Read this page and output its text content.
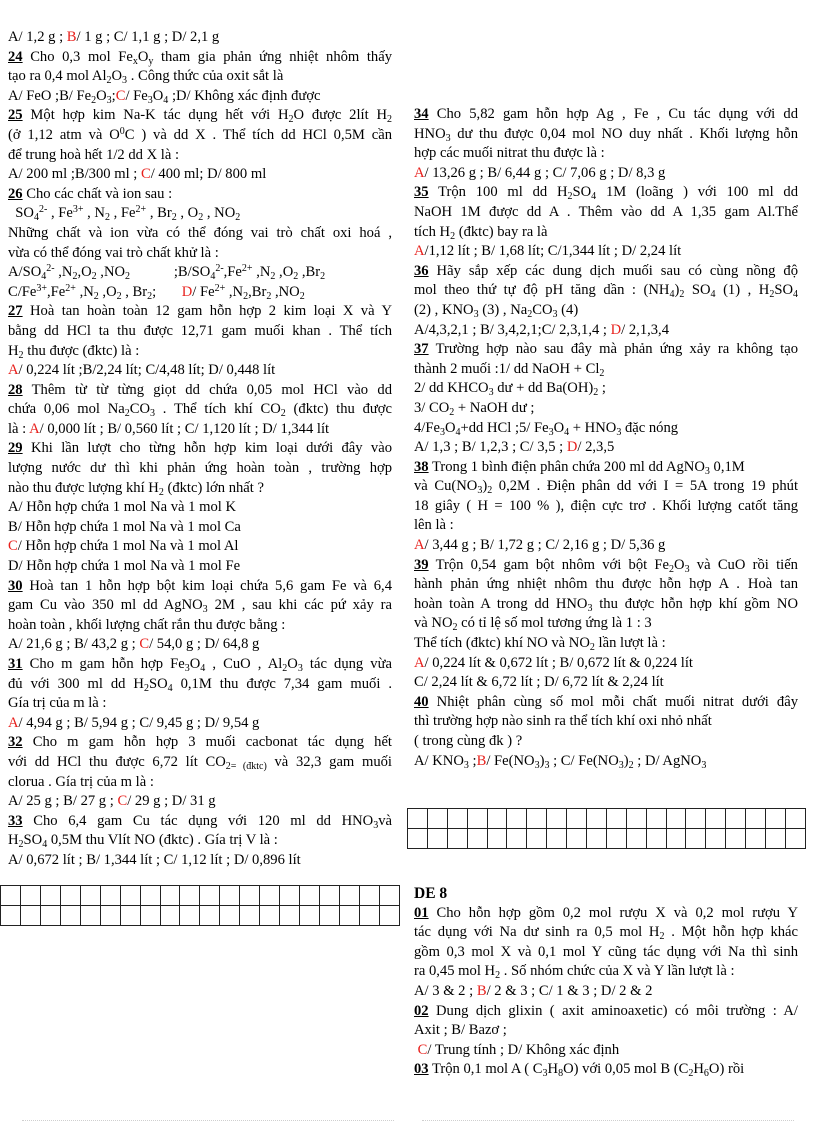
A/ 1,2 g ; B/ 1 g ; C/ 1,1 g ; D/ 2,1 g
24 Cho 0,3 mol $Fe_xO_y$ tham gia phản ứng nhiệt nhôm thấy
tạo ra 0,4 mol $Al_2O_3$ . Công thức của oxit sắt là
A/ FeO ;B/ $Fe_2O_3;C/$ $Fe_3O_4$ ;D/ Không xác định được
25 Một hợp kim Na-K tác dụng hết với $H_2O$ được 2lít $H_2$
(ở 1,12 atm và $O^0C$ ) và dd X . Thể tích dd HCl 0,5M cần
để trung hoà hết 1/2 dd X là :
A/ 200 ml ;B/300 ml ; C/ 400 ml; D/ 800 ml
26 Cho các chất và ion sau :
$SO_4^{2-}$ , $Fe^{3+}$ , $N_2$ , $Fe^{2+}$ , $Br_2$ , $O_2$ , $NO_2$
Những chất và ion vừa có thể đóng vai trò chất oxi hoá ,
vừa có thể đóng vai trò chất khử là :
$A/SO_4^{2-}$ $,N_2,O_2$ $,NO_2$            $;B/SO_4^{2-},Fe^{2+}$ $,N_2$ $,O_2$ $,Br_2$
$C/Fe^{3+},Fe^{2+}$ $,N_2$ $,O_2$ , $Br_2$;       D/ $Fe^{2+}$ $,N_2,Br_2$ $,NO_2$
27 Hoà tan hoàn toàn 12 gam hỗn hợp 2 kim loại X và Y
bằng dd HCl ta thu được 12,71 gam muối khan . Thể tích
$H_2$ thu được (đktc) là :
A/ 0,224 lít ;B/2,24 lít; C/4,48 lít; D/ 0,448 lít
28 Thêm từ từ từng giọt dd chứa 0,05 mol HCl vào dd
chứa 0,06 mol $Na_2CO_3$ . Thể tích khí $CO_2$ (đktc) thu được
là : A/ 0,000 lít ; B/ 0,560 lít ; C/ 1,120 lít ; D/ 1,344 lít
29 Khi lần lượt cho từng hỗn hợp kim loại dưới đây vào
lượng nước dư thì khi phản ứng hoàn toàn , trường hợp
nào thu được lượng khí $H_2$ (đktc) lớn nhất ?
A/ Hỗn hợp chứa 1 mol Na và 1 mol K
B/ Hỗn hợp chứa 1 mol Na và 1 mol Ca
C/ Hỗn hợp chứa 1 mol Na và 1 mol Al
D/ Hỗn hợp chứa 1 mol Na và 1 mol Fe
30 Hoà tan 1 hỗn hợp bột kim loại chứa 5,6 gam Fe và 6,4
gam Cu vào 350 ml dd AgNO$_3$ 2M , sau khi các pứ xảy ra
hoàn toàn , khối lượng chất rắn thu được bằng :
A/ 21,6 g ; B/ 43,2 g ; C/ 54,0 g ; D/ 64,8 g
31 Cho m gam hỗn hợp $Fe_3O_4$ , CuO , $Al_2O_3$ tác dụng vừa
đủ với 300 ml dd $H_2SO_4$ 0,1M thu được 7,34 gam muối .
Gía trị của m là :
A/ 4,94 g ; B/ 5,94 g ; C/ 9,45 g ; D/ 9,54 g
32 Cho m gam hỗn hợp 3 muối cacbonat tác dụng hết
với dd HCl thu được 6,72 lít $CO_{2= (đktc)}$ và 32,3 gam muối
clorua . Gía trị của m là :
A/ 25 g ; B/ 27 g ; C/ 29 g ; D/ 31 g
33 Cho 6,4 gam Cu tác dụng với 120 ml dd $HNO_3và$
$H_2SO_4$ 0,5M thu Vlít NO (đktc) . Gía trị V là :
A/ 0,672 lít ; B/ 1,344 lít ; C/ 1,12 lít ; D/ 0,896 lít

34 Cho 5,82 gam hỗn hợp Ag , Fe , Cu tác dụng với dd
$HNO_3$ dư thu được 0,04 mol NO duy nhất . Khối lượng hỗn
hợp các muối nitrat thu được là :
A/ 13,26 g ; B/ 6,44 g ; C/ 7,06 g ; D/ 8,3 g
35 Trộn 100 ml dd $H_2SO_4$ 1M (loãng ) với 100 ml dd
NaOH 1M được dd A . Thêm vào dd A 1,35 gam Al.Thể
tích $H_2$ (đktc) bay ra là
A/1,12 lít ; B/ 1,68 lít; C/1,344 lít ; D/ 2,24 lít
36 Hãy sắp xếp các dung dịch muối sau có cùng nồng độ
mol theo thứ tự độ pH tăng dần : $(NH_4)_2$ $SO_4$ (1) , $H_2SO_4$
(2) , $KNO_3$ (3) , $Na_2CO_3$ (4)
A/4,3,2,1 ; B/ 3,4,2,1;C/ 2,3,1,4 ; D/ 2,1,3,4
37 Trường hợp nào sau đây mà phản ứng xảy ra không tạo
thành 2 muối :1/ dd NaOH + $Cl_2$
2/ dd $KHCO_3$ dư + dd $Ba(OH)_2$ ;
3/ $CO_2$ + NaOH dư ;
$4/Fe_3O_4+dd$ HCl ;5/ $Fe_3O_4 + HNO_3$ đặc nóng
A/ 1,3 ; B/ 1,2,3 ; C/ 3,5 ; D/ 2,3,5
38 Trong 1 bình điện phân chứa 200 ml dd AgNO$_3$ 0,1M
và $Cu(NO_3)_2$ 0,2M . Điện phân dd với I = 5A trong 19 phút
18 giây ( H = 100 % ), điện cực trơ . Khối lượng catốt tăng
lên là :
A/ 3,44 g ; B/ 1,72 g ; C/ 2,16 g ; D/ 5,36 g
39 Trộn 0,54 gam bột nhôm với bột $Fe_2O_3$ và CuO rồi tiến
hành phản ứng nhiệt nhôm thu được hỗn hợp A . Hoà tan
hoàn toàn A trong dd $HNO_3$ thu được hỗn hợp khí gồm NO
và $NO_2$ có tỉ lệ số mol tương ứng là 1 : 3
Thể tích (đktc) khí NO và $NO_2$ lần lượt là :
A/ 0,224 lít & 0,672 lít ; B/ 0,672 lít & 0,224 lít
C/ 2,24 lít & 6,72 lít ; D/ 6,72 lít & 2,24 lít
40 Nhiệt phân cùng số mol mỗi chất muối nitrat dưới đây
thì trường hợp nào sinh ra thể tích khí oxi nhỏ nhất
( trong cùng đk ) ?
A/ $KNO_3$ ;B/ $Fe(NO_3)_3$ ; C/ $Fe(NO_3)_2$ ; D/ AgNO$_3$

DE 8
01 Cho hỗn hợp gồm 0,2 mol rượu X và 0,2 mol rượu Y
tác dụng với Na dư sinh ra 0,5 mol $H_2$ . Một hỗn hợp khác
gồm 0,3 mol X và 0,1 mol Y cũng tác dụng với Na thì sinh
ra 0,45 mol $H_2$ . Số nhóm chức của X và Y lần lượt là :
A/ 3 & 2 ; B/ 2 & 3 ; C/ 1 & 3 ; D/ 2 & 2
02 Dung dịch glixin ( axit aminoaxetic) có môi trường : A/
Axit ; B/ Bazơ ;
C/ Trung tính ; D/ Không xác định
03 Trộn 0,1 mol A ( $C_3H_8O$) với 0,05 mol B $(C_2H_6O)$ rồi
